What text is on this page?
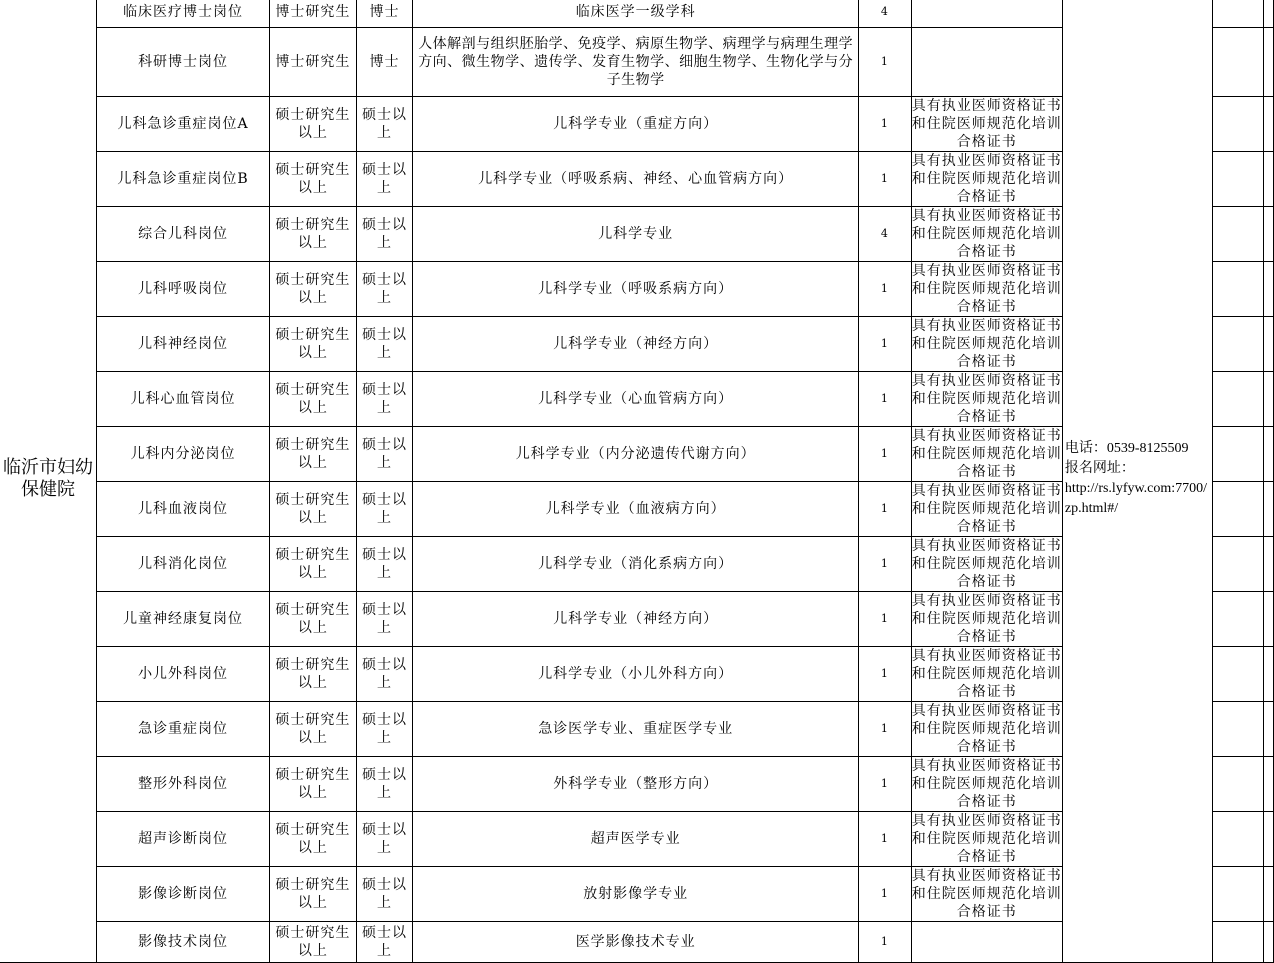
临沂市妇幼保健院	临床医疗博士岗位	博士研究生	博士	临床医学一级学科	4		电话：0539-8125509
报名网址：
http://rs.lyfyw.com:7700/zp.html#/		

	科研博士岗位	博士研究生	博士	人体解剖与组织胚胎学、免疫学、病原生物学、病理学与病理生理学方向、微生物学、遗传学、发育生物学、细胞生物学、生物化学与分子生物学	1				
	儿科急诊重症岗位A	硕士研究生以上	硕士以上	儿科学专业（重症方向）	1	具有执业医师资格证书和住院医师规范化培训合格证书			
	儿科急诊重症岗位B	硕士研究生以上	硕士以上	儿科学专业（呼吸系病、神经、心血管病方向）	1	具有执业医师资格证书和住院医师规范化培训合格证书			
	综合儿科岗位	硕士研究生以上	硕士以上	儿科学专业	4	具有执业医师资格证书和住院医师规范化培训合格证书			
	儿科呼吸岗位	硕士研究生以上	硕士以上	儿科学专业（呼吸系病方向）	1	具有执业医师资格证书和住院医师规范化培训合格证书			
	儿科神经岗位	硕士研究生以上	硕士以上	儿科学专业（神经方向）	1	具有执业医师资格证书和住院医师规范化培训合格证书			
	儿科心血管岗位	硕士研究生以上	硕士以上	儿科学专业（心血管病方向）	1	具有执业医师资格证书和住院医师规范化培训合格证书			
	儿科内分泌岗位	硕士研究生以上	硕士以上	儿科学专业（内分泌遗传代谢方向）	1	具有执业医师资格证书和住院医师规范化培训合格证书			
	儿科血液岗位	硕士研究生以上	硕士以上	儿科学专业（血液病方向）	1	具有执业医师资格证书和住院医师规范化培训合格证书			
	儿科消化岗位	硕士研究生以上	硕士以上	儿科学专业（消化系病方向）	1	具有执业医师资格证书和住院医师规范化培训合格证书			
	儿童神经康复岗位	硕士研究生以上	硕士以上	儿科学专业（神经方向）	1	具有执业医师资格证书和住院医师规范化培训合格证书			
	小儿外科岗位	硕士研究生以上	硕士以上	儿科学专业（小儿外科方向）	1	具有执业医师资格证书和住院医师规范化培训合格证书			
	急诊重症岗位	硕士研究生以上	硕士以上	急诊医学专业、重症医学专业	1	具有执业医师资格证书和住院医师规范化培训合格证书			
	整形外科岗位	硕士研究生以上	硕士以上	外科学专业（整形方向）	1	具有执业医师资格证书和住院医师规范化培训合格证书			
	超声诊断岗位	硕士研究生以上	硕士以上	超声医学专业	1	具有执业医师资格证书和住院医师规范化培训合格证书			
	影像诊断岗位	硕士研究生以上	硕士以上	放射影像学专业	1	具有执业医师资格证书和住院医师规范化培训合格证书			
	影像技术岗位	硕士研究生以上	硕士以上	医学影像技术专业	1				
